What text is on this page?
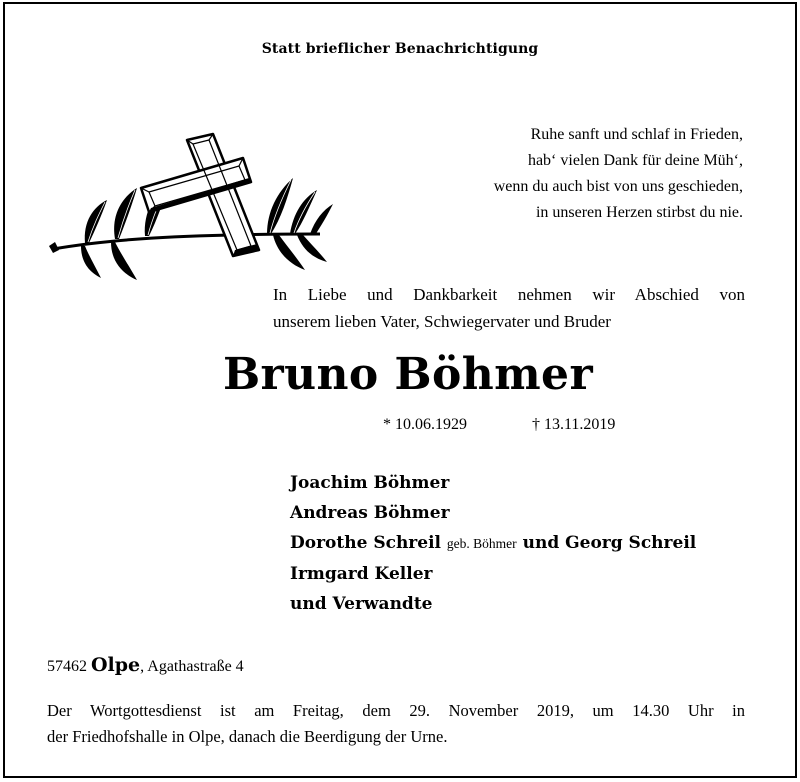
Statt brieflicher Benachrichtigung
Ruhe sanft und schlaf in Frieden,
hab‘ vielen Dank für deine Müh‘,
wenn du auch bist von uns geschieden,
in unseren Herzen stirbst du nie.
In Liebe und Dankbarkeit nehmen wir Abschied von
unserem lieben Vater, Schwiegervater und Bruder
Bruno Böhmer
* 10.06.1929	† 13.11.2019
Joachim Böhmer
Andreas Böhmer
Dorothe Schreil geb. Böhmer und Georg Schreil
Irmgard Keller
und Verwandte
57462 Olpe, Agathastraße 4
Der Wortgottesdienst ist am Freitag, dem 29. November 2019, um 14.30 Uhr in
der Friedhofshalle in Olpe, danach die Beerdigung der Urne.
